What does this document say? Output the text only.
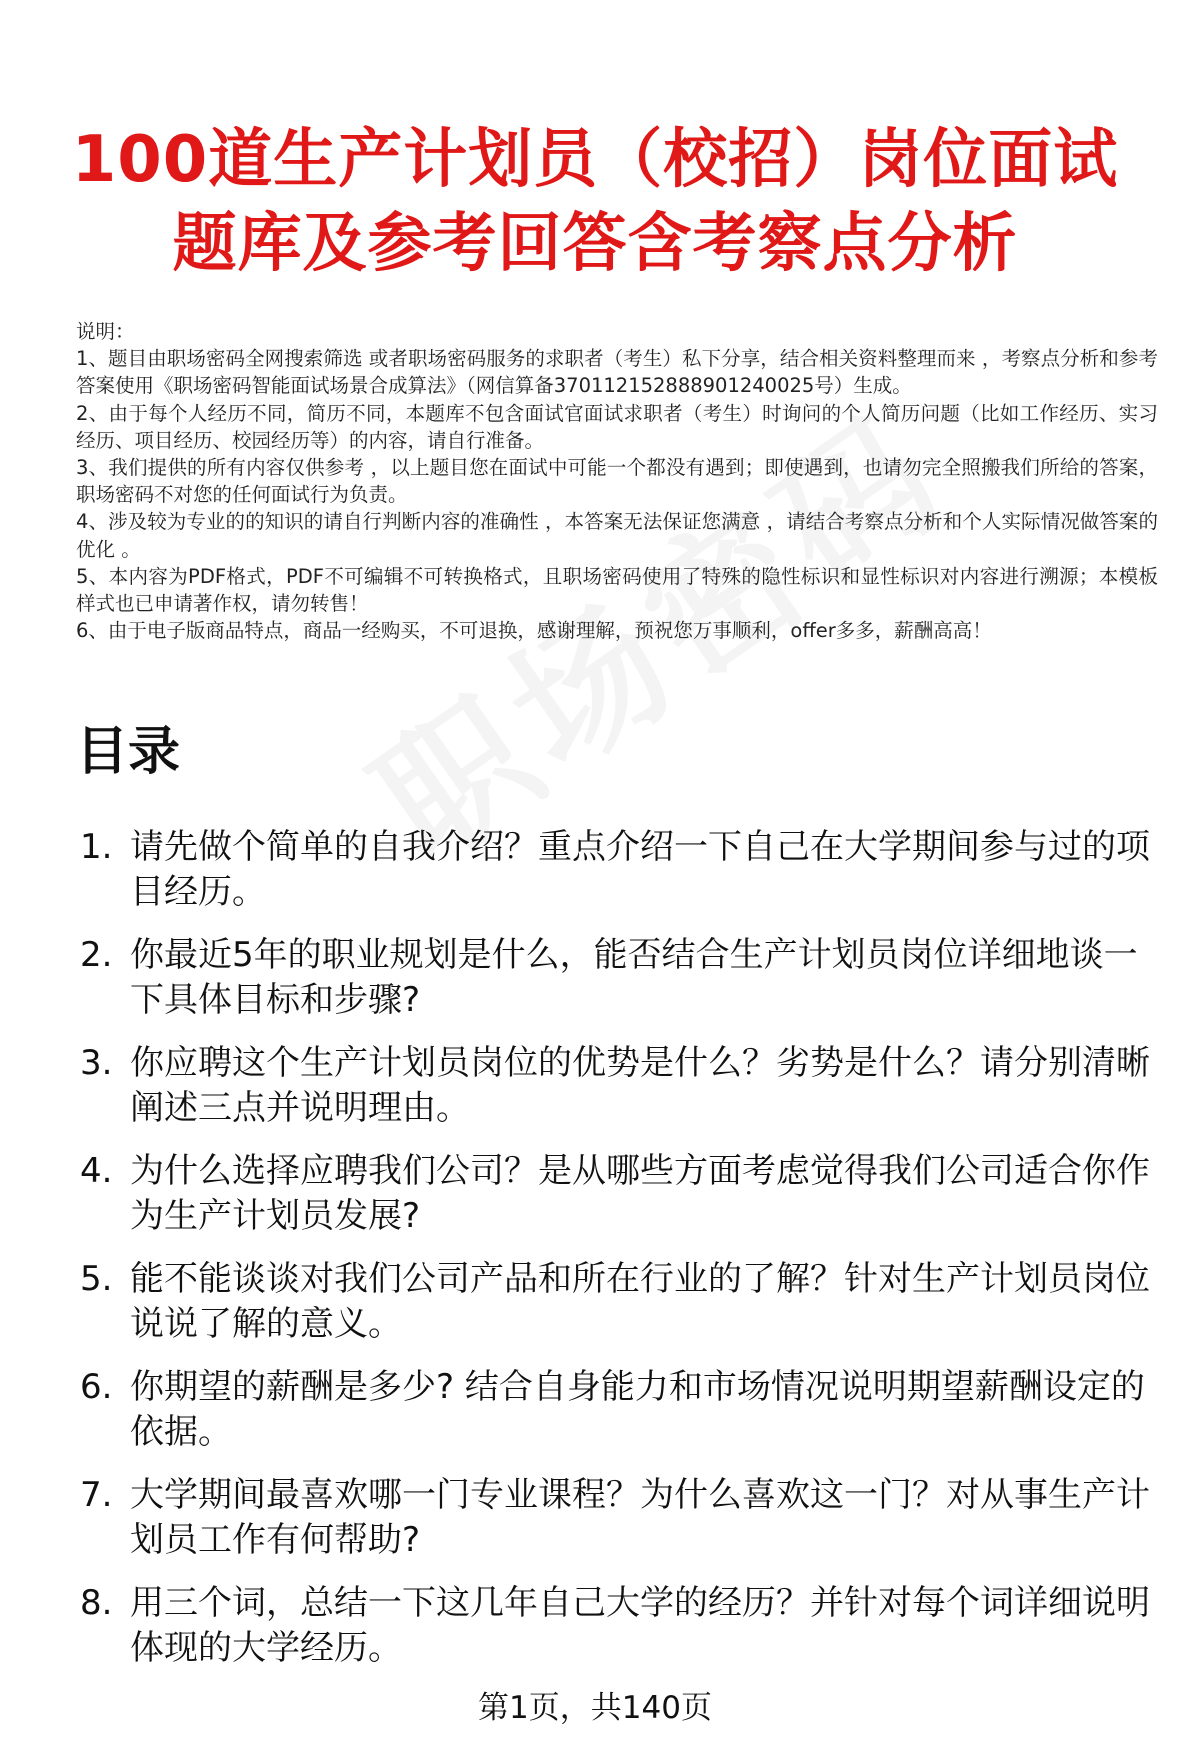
100道生产计划员（校招）岗位面试
题库及参考回答含考察点分析
说明：
1、题目由职场密码全网搜索筛选 或者职场密码服务的求职者（考生）私下分享，结合相关资料整理而来 ，考察点分析和参考答案使用《职场密码智能面试场景合成算法》（网信算备370112152888901240025号）生成。
2、由于每个人经历不同，简历不同，本题库不包含面试官面试求职者（考生）时询问的个人简历问题（比如工作经历、实习经历、项目经历、校园经历等）的内容，请自行准备。
3、我们提供的所有内容仅供参考 ，以上题目您在面试中可能一个都没有遇到；即使遇到，也请勿完全照搬我们所给的答案，职场密码不对您的任何面试行为负责。
4、涉及较为专业的的知识的请自行判断内容的准确性 ，本答案无法保证您满意 ，请结合考察点分析和个人实际情况做答案的优化 。
5、本内容为PDF格式，PDF不可编辑不可转换格式，且职场密码使用了特殊的隐性标识和显性标识对内容进行溯源；本模板样式也已申请著作权，请勿转售！
6、由于电子版商品特点，商品一经购买，不可退换，感谢理解，预祝您万事顺利，offer多多，薪酬高高！
目录
1. 请先做个简单的自我介绍？重点介绍一下自己在大学期间参与过的项目经历。
2. 你最近5年的职业规划是什么，能否结合生产计划员岗位详细地谈一下具体目标和步骤?
3. 你应聘这个生产计划员岗位的优势是什么？劣势是什么？请分别清晰阐述三点并说明理由。
4. 为什么选择应聘我们公司？是从哪些方面考虑觉得我们公司适合你作为生产计划员发展?
5. 能不能谈谈对我们公司产品和所在行业的了解？针对生产计划员岗位说说了解的意义。
6. 你期望的薪酬是多少? 结合自身能力和市场情况说明期望薪酬设定的依据。
7. 大学期间最喜欢哪一门专业课程？为什么喜欢这一门？对从事生产计划员工作有何帮助?
8. 用三个词，总结一下这几年自己大学的经历？并针对每个词详细说明体现的大学经历。
第1页，共140页
